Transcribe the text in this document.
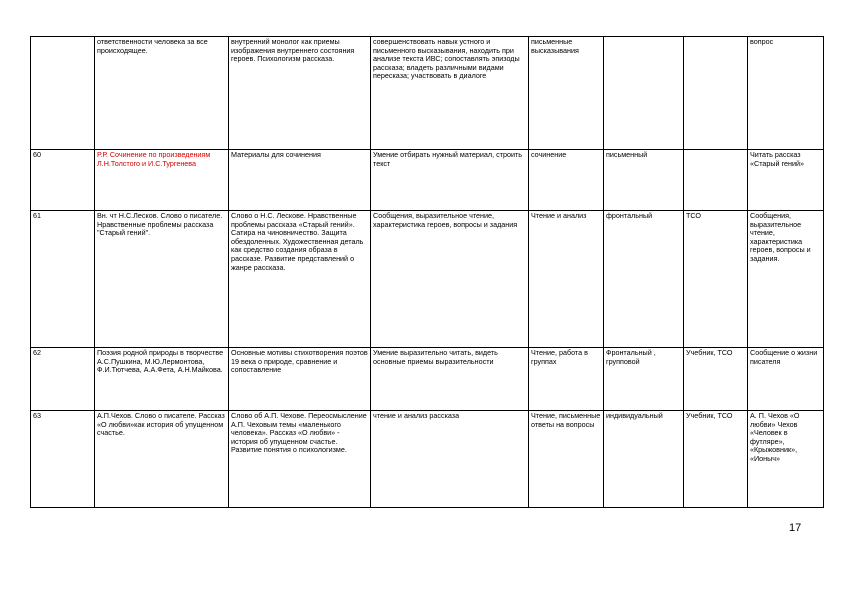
	ответственности человека за все происходящее.	внутренний монолог как приемы изображения внутреннего состояния героев. Психологизм рассказа.	совершенствовать навык устного и письменного высказывания, находить при анализе текста ИВС; сопоставлять эпизоды рассказа; владеть различными видами пересказа; участвовать в диалоге	письменные высказывания			вопрос
60	Р.Р. Сочинение по произведениям Л.Н.Толстого и И.С.Тургенева	Материалы для сочинения	Умение отбирать нужный материал, строить текст	сочинение	письменный		Читать рассказ «Старый гений»
61	Вн. чт Н.С.Лесков. Слово о писателе. Нравственные проблемы рассказа "Старый гений".	Слово о Н.С. Лескове. Нравственные проблемы рассказа «Старый гений». Сатира на чиновничество. Защита обездоленных. Художественная деталь как средство создания образа в рассказе. Развитие представлений о жанре рассказа.	Сообщения, выразительное чтение, характеристика героев, вопросы и задания	Чтение и анализ	фронтальный	ТСО	Сообщения, выразительное чтение, характеристика героев, вопросы и задания.
62	Поэзия родной природы в творчестве А.С.Пушкина, М.Ю.Лермонтова, Ф.И.Тютчева, А.А.Фета, А.Н.Майкова.	Основные мотивы стихотворения поэтов 19 века о природе, сравнение и сопоставление	Умение выразительно читать, видеть основные приемы выразительности	Чтение, работа в группах	Фронтальный , групповой	Учебник, ТСО	Сообщение о жизни писателя
63	А.П.Чехов. Слово о писателе. Рассказ «О любви»как история об упущенном счастье.	Слово об А.П. Чехове. Переосмысление А.П. Чеховым темы «маленького человека». Рассказ «О любви» - история об упущенном счастье. Развитие понятия о психологизме.	чтение и анализ рассказа	Чтение, письменные ответы на вопросы	индивидуальный	Учебник, ТСО	А. П. Чехов «О любви» Чехов «Человек в футляре», «Крыжовник», «Ионыч»
17
